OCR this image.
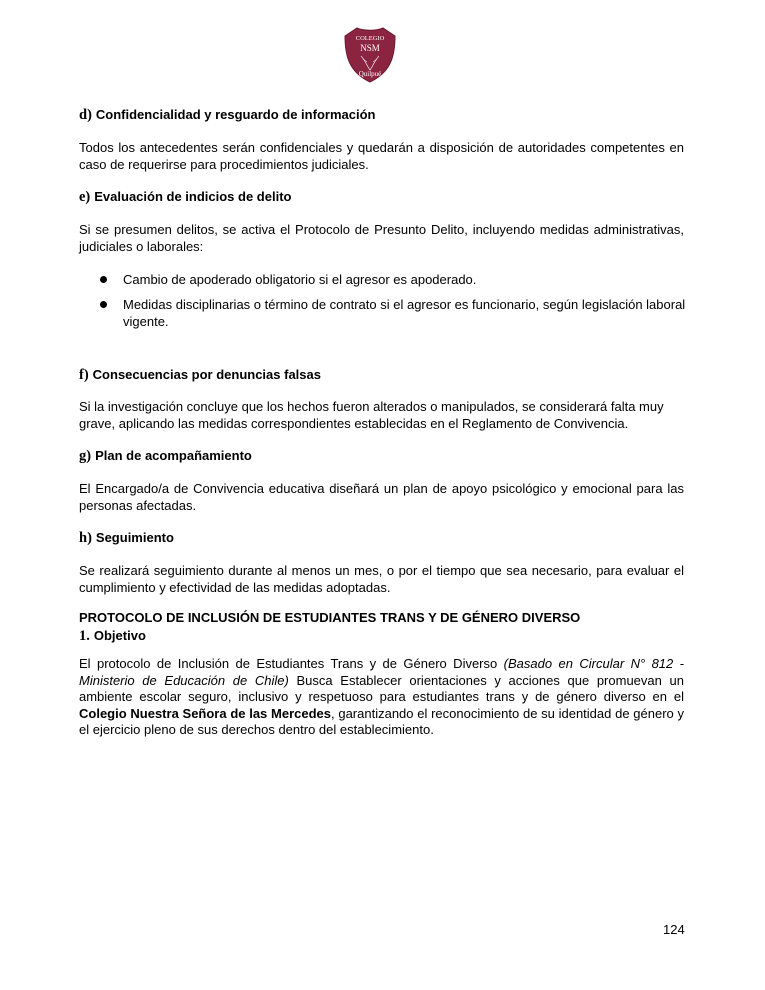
COLEGIO
NSM
Quilpué
d) Confidencialidad y resguardo de información
Todos los antecedentes serán confidenciales y quedarán a disposición de autoridades competentes en caso de requerirse para procedimientos judiciales.
e) Evaluación de indicios de delito
Si se presumen delitos, se activa el Protocolo de Presunto Delito, incluyendo medidas administrativas, judiciales o laborales:
Cambio de apoderado obligatorio si el agresor es apoderado.
Medidas disciplinarias o término de contrato si el agresor es funcionario, según legislación laboral vigente.
f) Consecuencias por denuncias falsas
Si la investigación concluye que los hechos fueron alterados o manipulados, se considerará falta muy grave, aplicando las medidas correspondientes establecidas en el Reglamento de Convivencia.
g) Plan de acompañamiento
El Encargado/a de Convivencia educativa diseñará un plan de apoyo psicológico y emocional para las personas afectadas.
h) Seguimiento
Se realizará seguimiento durante al menos un mes, o por el tiempo que sea necesario, para evaluar el cumplimiento y efectividad de las medidas adoptadas.
PROTOCOLO DE INCLUSIÓN DE ESTUDIANTES TRANS Y DE GÉNERO DIVERSO
1. Objetivo
El protocolo de Inclusión de Estudiantes Trans y de Género Diverso (Basado en Circular N° 812 - Ministerio de Educación de Chile) Busca Establecer orientaciones y acciones que promuevan un ambiente escolar seguro, inclusivo y respetuoso para estudiantes trans y de género diverso en el Colegio Nuestra Señora de las Mercedes, garantizando el reconocimiento de su identidad de género y el ejercicio pleno de sus derechos dentro del establecimiento.
124
